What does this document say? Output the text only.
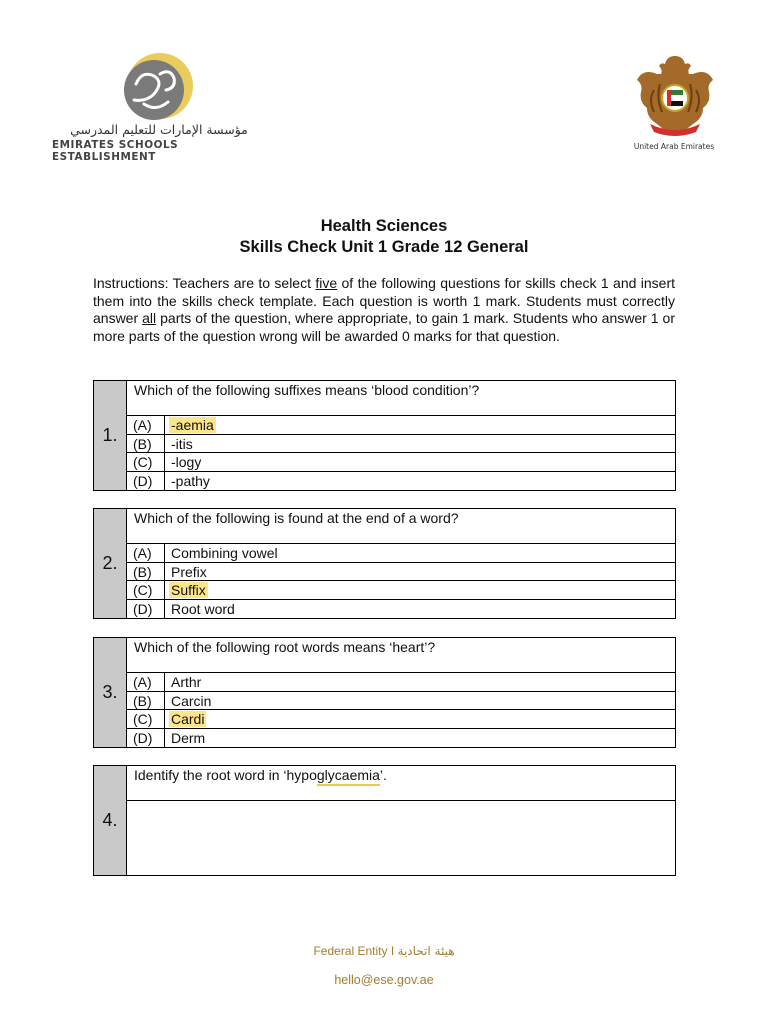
مؤسسة الإمارات للتعليم المدرسي
EMIRATES SCHOOLS ESTABLISHMENT
United Arab Emirates
Health Sciences
Skills Check Unit 1 Grade 12 General
Instructions: Teachers are to select five of the following questions for skills check 1 and insert them into the skills check template. Each question is worth 1 mark. Students must correctly answer all parts of the question, where appropriate, to gain 1 mark. Students who answer 1 or more parts of the question wrong will be awarded 0 marks for that question.
1.
Which of the following suffixes means ‘blood condition’?
(A)	-aemia
(B)	-itis
(C)	-logy
(D)	-pathy
2.
Which of the following is found at the end of a word?
(A)	Combining vowel
(B)	Prefix
(C)	Suffix
(D)	Root word
3.
Which of the following root words means ‘heart’?
(A)	Arthr
(B)	Carcin
(C)	Cardi
(D)	Derm
4.
Identify the root word in ‘hypoglycaemia’.
Federal Entity I هيئة اتحادية
hello@ese.gov.ae
